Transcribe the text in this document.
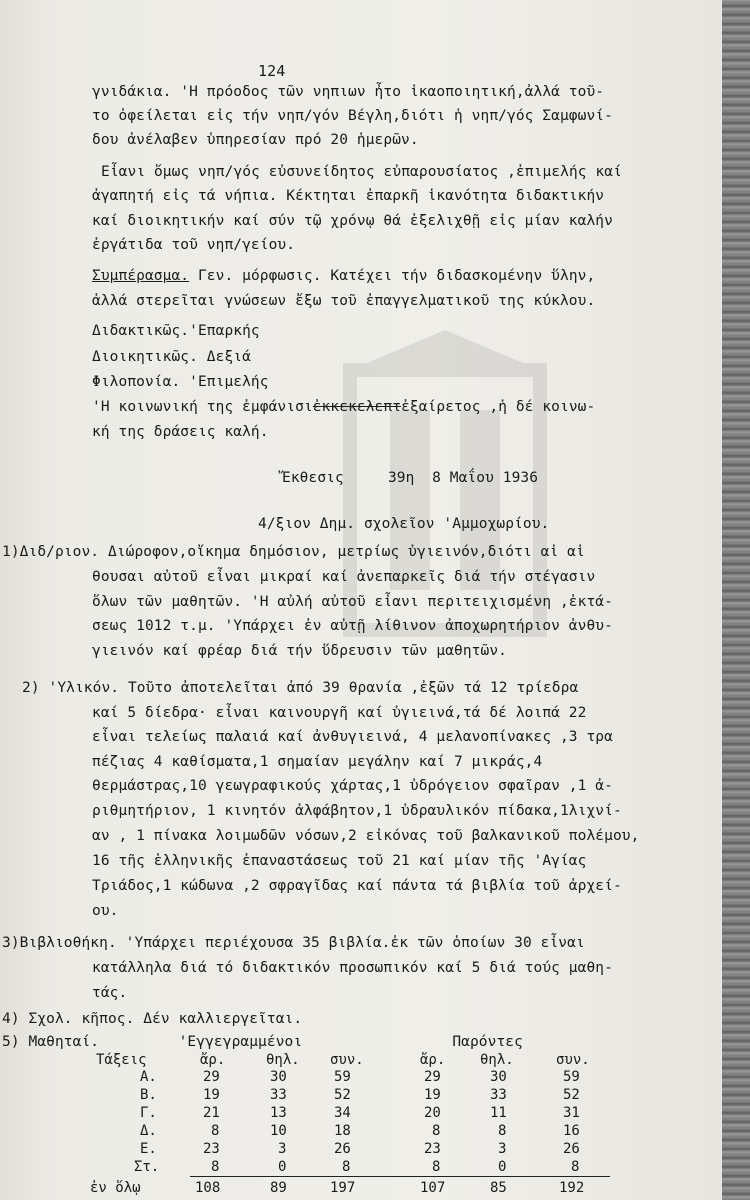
124
γνιδάκια. 'Η πρόοδος τῶν νηπιων ἦτο ἱκαοποιητική,ἀλλά τοῦ-
το ὀφείλεται εἰς τήν νηπ/γόν Βέγλη,διότι ἡ νηπ/γός Σαμφωνί-
δου ἀνέλαβεν ὑπηρεσίαν πρό 20 ἡμερῶν.
Εἶανι ὅμως νηπ/γός εὐσυνείδητος εὐπαρουσίατος ,ἐπιμελής καί
ἀγαπητή εἰς τά νήπια. Κέκτηται ἐπαρκῆ ἱκανότητα διδακτικήν
καί διοικητικήν καί σύν τῷ χρόνῳ θά ἐξελιχθῇ εἰς μίαν καλήν
ἐργάτιδα τοῦ νηπ/γείου.
Συμπέρασμα. Γεν. μόρφωσις. Κατέχει τήν διδασκομένην ὕλην,
ἀλλά στερεῖται γνώσεων ἔξω τοῦ ἐπαγγελματικοῦ της κύκλου.
Διδακτικῶς.'Επαρκής
Διοικητικῶς. Δεξιά
Φιλοπονία. 'Επιμελής
'Η κοινωνική της ἐμφάνισιἐκκεκελεπτἐξαίρετος ,ἡ δέ κοινω-
κή της δράσεις καλή.
Ἔκθεσις     39η  8 Μαΐου 1936
4/ξιον Δημ. σχολεῖον 'Αμμοχωρίου.
1)Διδ/ριον. Διώροφον,οἴκημα δημόσιον, μετρίως ὑγιεινόν,διότι αἱ αἱ
θουσαι αὐτοῦ εἶναι μικραί καί ἀνεπαρκεῖς διά τήν στέγασιν
ὅλων τῶν μαθητῶν. 'Η αὐλή αὐτοῦ εἶανι περιτειχισμένη ,ἐκτά-
σεως 1012 τ.μ. 'Υπάρχει ἐν αὐτῇ λίθινον ἀποχωρητήριον ἀνθυ-
γιεινόν καί φρέαρ διά τήν ὕδρευσιν τῶν μαθητῶν.
2) 'Υλικόν. Τοῦτο ἀποτελεῖται ἀπό 39 θρανία ,ἐξῶν τά 12 τρίεδρα
καί 5 δίεδρα· εἶναι καινουργῆ καί ὑγιεινά,τά δέ λοιπά 22
εἶναι τελείως παλαιά καί ἀνθυγιεινά, 4 μελανοπίνακες ,3 τρα
πέζιας 4 καθίσματα,1 σημαίαν μεγάλην καί 7 μικράς,4
θερμάστρας,10 γεωγραφικούς χάρτας,1 ὑδρόγειον σφαῖραν ,1 ἀ-
ριθμητήριον, 1 κινητόν ἀλφάβητον,1 ὑδραυλικόν πίδακα,1λιχνί-
αν , 1 πίνακα λοιμωδῶν νόσων,2 εἰκόνας τοῦ βαλκανικοῦ πολέμου,
16 τῆς ἑλληνικῆς ἐπαναστάσεως τοῦ 21 καί μίαν τῆς 'Αγίας
Τριάδος,1 κώδωνα ,2 σφραγῖδας καί πάντα τά βιβλία τοῦ ἀρχεί-
ου.
3)Βιβλιοθήκη. 'Υπάρχει περιέχουσα 35 βιβλία.ἐκ τῶν ὁποίων 30 εἶναι
κατάλληλα διά τό διδακτικόν προσωπικόν καί 5 διά τούς μαθη-
τάς.
4) Σχολ. κῆπος. Δέν καλλιεργεῖται.
5) Μαθηταί.         'Εγγεγραμμένοι                 Παρόντες
Τάξεις	ἄρ.	θηλ. συν.	ἄρ. θηλ.	συν.
Α.	29	30	59	29	30	59
Β.	19	33	52	19	33	52
Γ.	21	13	34	20	11	31
Δ.	8	10	18	8	8	16
Ε.	23	3	26	23	3	26
Στ.	8	0	8	8	0	8
ἐν ὅλῳ	108	89	197	107	85	192
